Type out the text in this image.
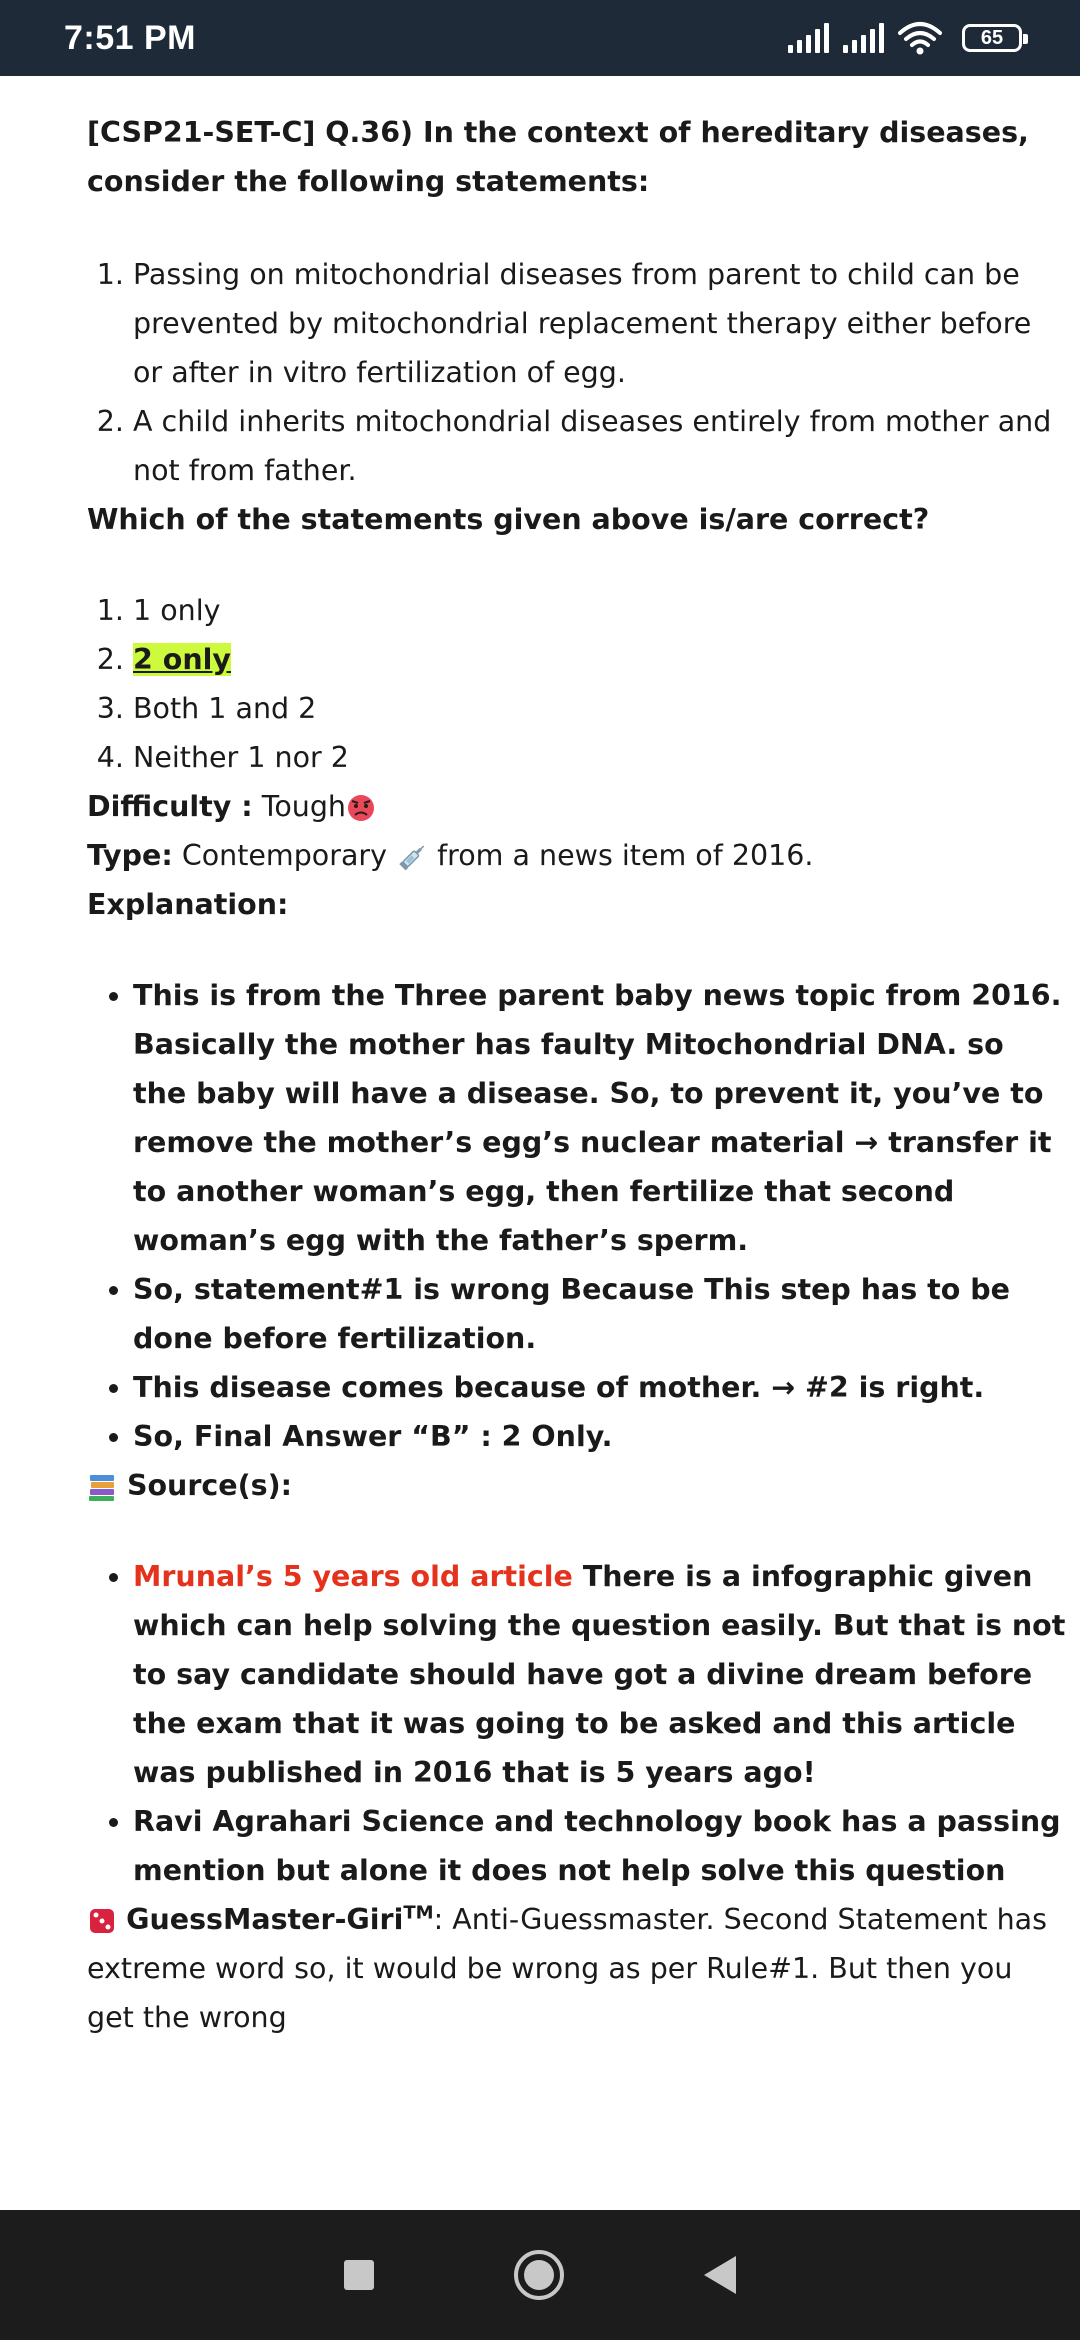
7:51 PM	65

[CSP21-SET-C] Q.36) In the context of hereditary diseases, consider the following statements:

1. Passing on mitochondrial diseases from parent to child can be prevented by mitochondrial replacement therapy either before or after in vitro fertilization of egg.
2. A child inherits mitochondrial diseases entirely from mother and not from father.

Which of the statements given above is/are correct?

1. 1 only
2. 2 only
3. Both 1 and 2
4. Neither 1 nor 2

Difficulty : Tough

Type: Contemporary from a news item of 2016.

Explanation:

• This is from the Three parent baby news topic from 2016. Basically the mother has faulty Mitochondrial DNA. so the baby will have a disease. So, to prevent it, you’ve to remove the mother’s egg’s nuclear material → transfer it to another woman’s egg, then fertilize that second woman’s egg with the father’s sperm.
• So, statement#1 is wrong Because This step has to be done before fertilization.
• This disease comes because of mother. → #2 is right.
• So, Final Answer “B” : 2 Only.

Source(s):

• Mrunal’s 5 years old article There is a infographic given which can help solving the question easily. But that is not to say candidate should have got a divine dream before the exam that it was going to be asked and this article was published in 2016 that is 5 years ago!
• Ravi Agrahari Science and technology book has a passing mention but alone it does not help solve this question

GuessMaster-Giri™: Anti-Guessmaster. Second Statement has extreme word so, it would be wrong as per Rule#1. But then you get the wrong
